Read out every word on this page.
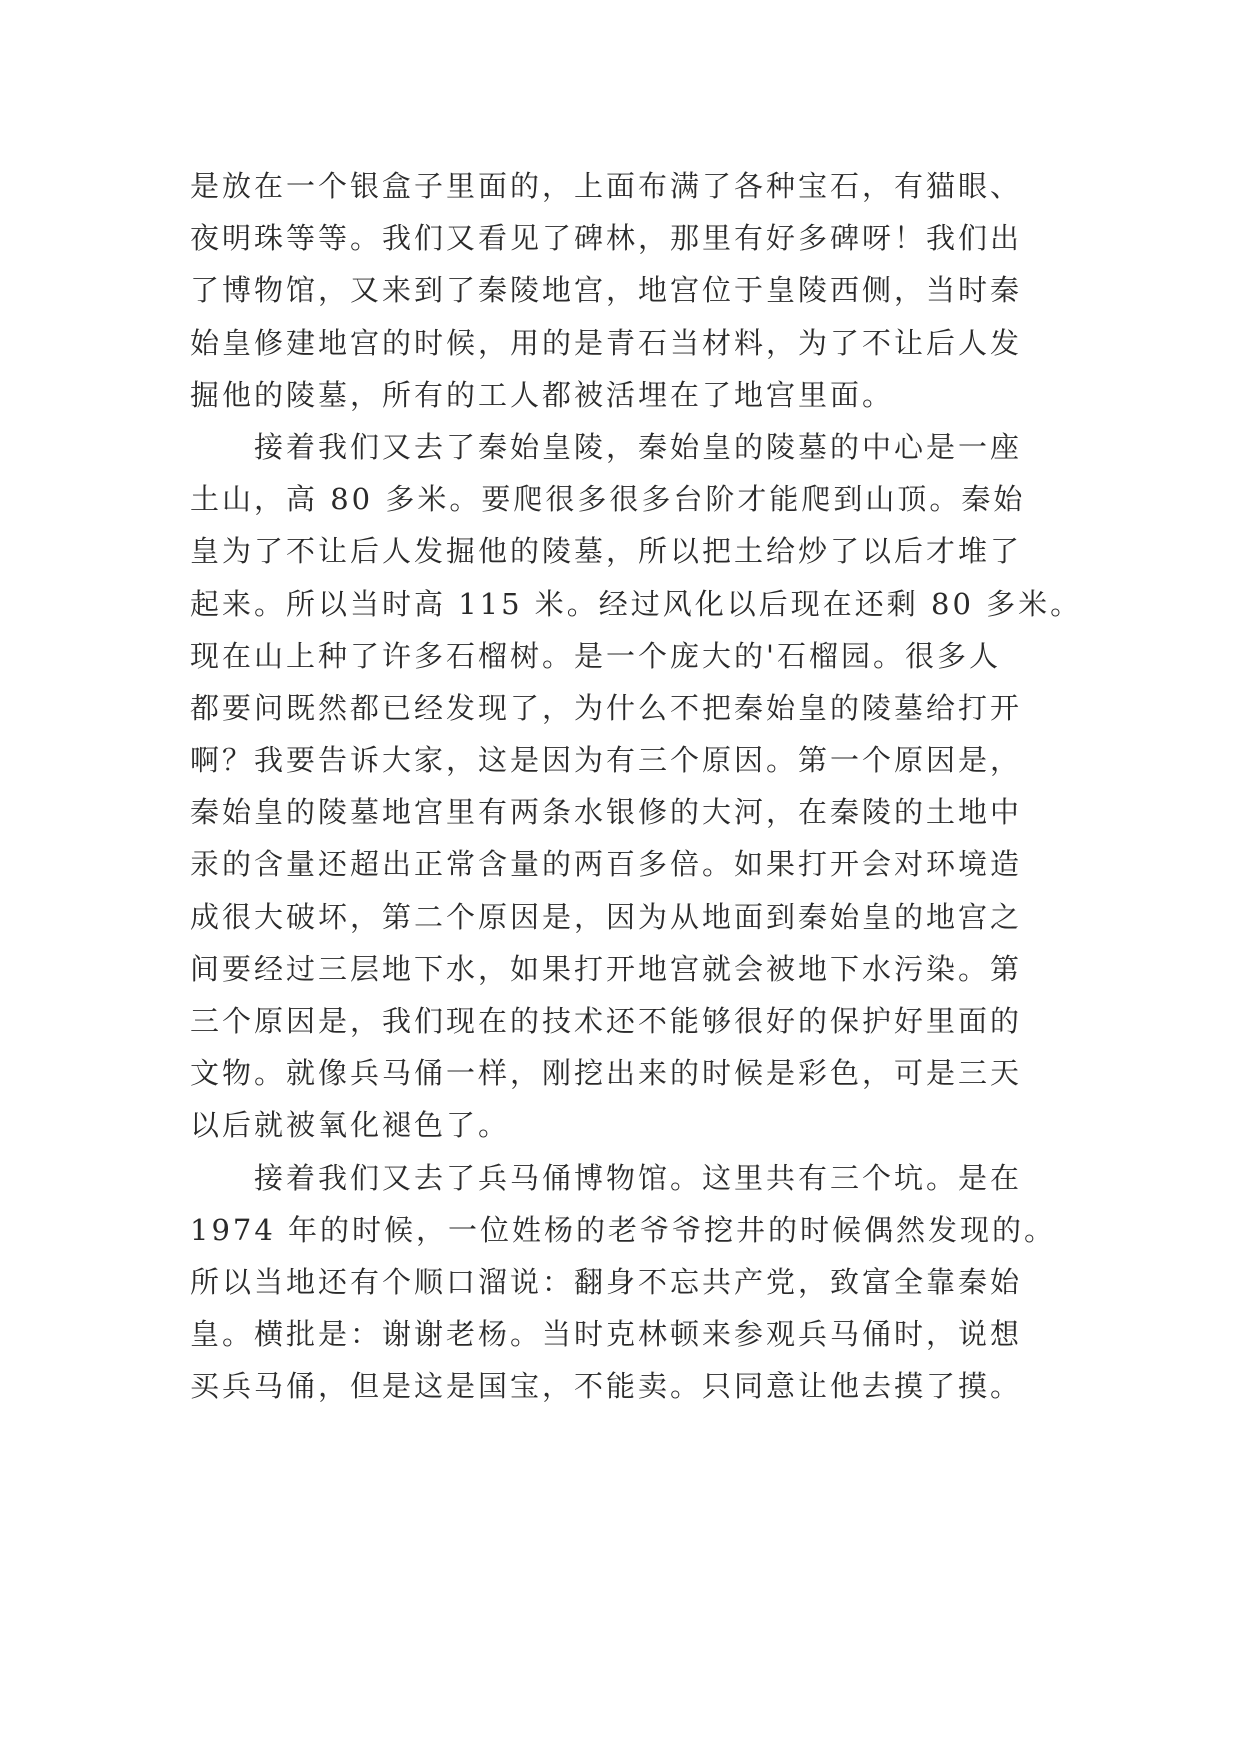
是放在一个银盒子里面的，上面布满了各种宝石，有猫眼、
夜明珠等等。我们又看见了碑林，那里有好多碑呀！我们出
了博物馆，又来到了秦陵地宫，地宫位于皇陵西侧，当时秦
始皇修建地宫的时候，用的是青石当材料，为了不让后人发
掘他的陵墓，所有的工人都被活埋在了地宫里面。
接着我们又去了秦始皇陵，秦始皇的陵墓的中心是一座
土山，高 80 多米。要爬很多很多台阶才能爬到山顶。秦始
皇为了不让后人发掘他的陵墓，所以把土给炒了以后才堆了
起来。所以当时高 115 米。经过风化以后现在还剩 80 多米。
现在山上种了许多石榴树。是一个庞大的'石榴园。很多人
都要问既然都已经发现了，为什么不把秦始皇的陵墓给打开
啊？我要告诉大家，这是因为有三个原因。第一个原因是，
秦始皇的陵墓地宫里有两条水银修的大河，在秦陵的土地中
汞的含量还超出正常含量的两百多倍。如果打开会对环境造
成很大破坏，第二个原因是，因为从地面到秦始皇的地宫之
间要经过三层地下水，如果打开地宫就会被地下水污染。第
三个原因是，我们现在的技术还不能够很好的保护好里面的
文物。就像兵马俑一样，刚挖出来的时候是彩色，可是三天
以后就被氧化褪色了。
接着我们又去了兵马俑博物馆。这里共有三个坑。是在
1974 年的时候，一位姓杨的老爷爷挖井的时候偶然发现的。
所以当地还有个顺口溜说：翻身不忘共产党，致富全靠秦始
皇。横批是：谢谢老杨。当时克林顿来参观兵马俑时，说想
买兵马俑，但是这是国宝，不能卖。只同意让他去摸了摸。
